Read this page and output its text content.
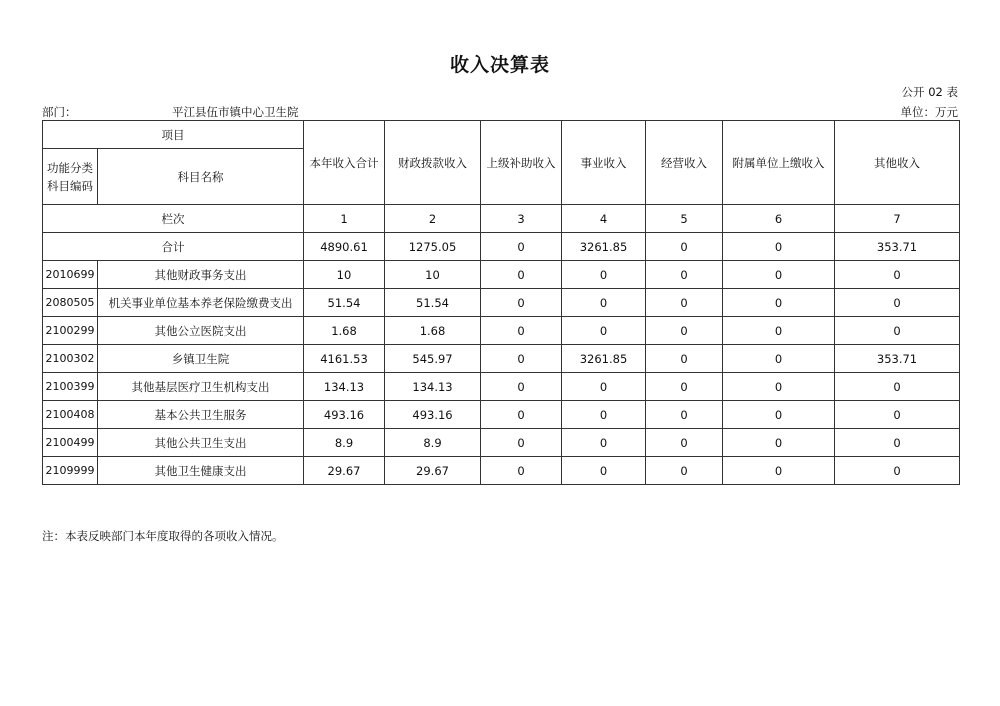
收入决算表
公开 02 表
部门：	平江县伍市镇中心卫生院	单位：万元
项目		本年收入合计	财政拨款收入	上级补助收入	事业收入	经营收入	附属单位上缴收入	其他收入

功能分类
科目编码	科目名称							
栏次		1	2	3	4	5	6	7
合计		4890.61	1275.05	0	3261.85	0	0	353.71
2010699	其他财政事务支出	10	10	0	0	0	0	0
2080505	机关事业单位基本养老保险缴费支出	51.54	51.54	0	0	0	0	0
2100299	其他公立医院支出	1.68	1.68	0	0	0	0	0
2100302	乡镇卫生院	4161.53	545.97	0	3261.85	0	0	353.71
2100399	其他基层医疗卫生机构支出	134.13	134.13	0	0	0	0	0
2100408	基本公共卫生服务	493.16	493.16	0	0	0	0	0
2100499	其他公共卫生支出	8.9	8.9	0	0	0	0	0
2109999	其他卫生健康支出	29.67	29.67	0	0	0	0	0
注：本表反映部门本年度取得的各项收入情况。
